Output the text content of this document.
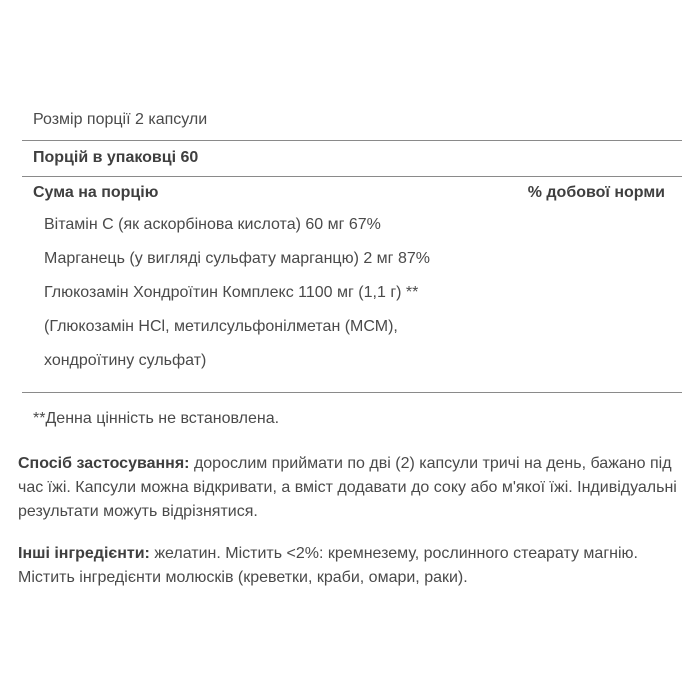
Розмір порції 2 капсули
Порцій в упаковці 60
Сума на порцію	% добової норми
Вітамін С (як аскорбінова кислота) 60 мг 67%
Марганець (у вигляді сульфату марганцю) 2 мг 87%
Глюкозамін Хондроїтин Комплекс 1100 мг (1,1 г) **
(Глюкозамін HCl, метилсульфонілметан (МСМ),
хондроїтину сульфат)
**Денна цінність не встановлена.
Спосіб застосування: дорослим приймати по дві (2) капсули тричі на день, бажано під час їжі. Капсули можна відкривати, а вміст додавати до соку або м'якої їжі. Індивідуальні результати можуть відрізнятися.
Інші інгредієнти: желатин. Містить <2%: кремнезему, рослинного стеарату магнію. Містить інгредієнти молюсків (креветки, краби, омари, раки).
